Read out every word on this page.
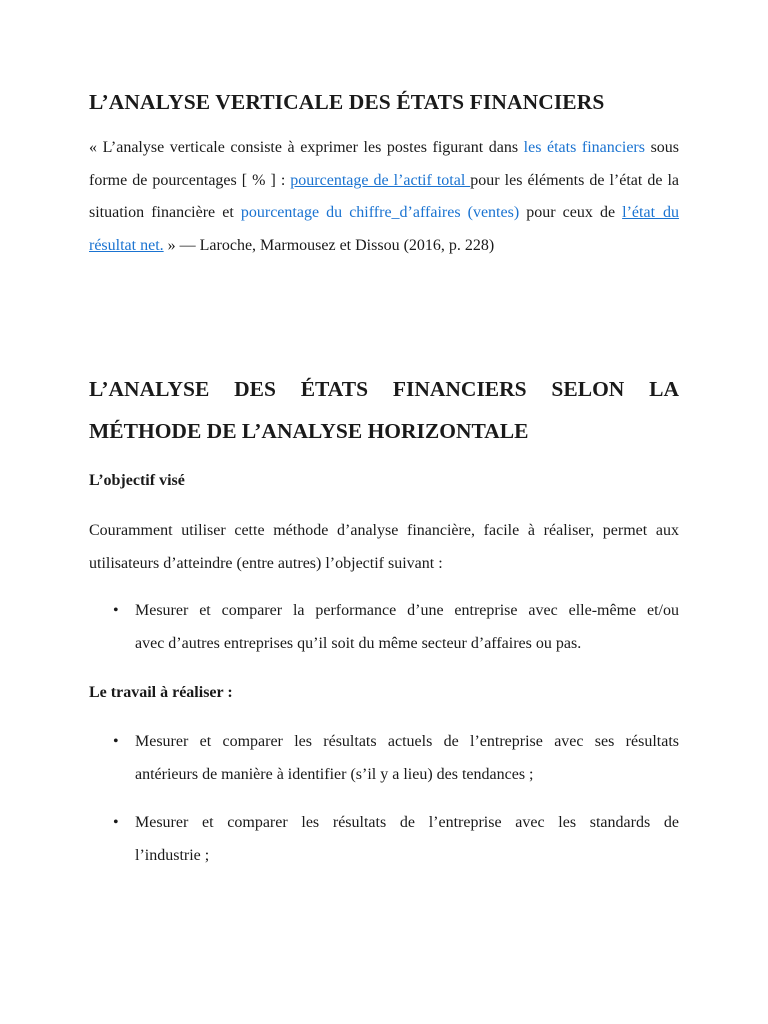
L’ANALYSE VERTICALE DES ÉTATS FINANCIERS

« L’analyse verticale consiste à exprimer les postes figurant dans les états financiers sous forme de pourcentages [ % ] : pourcentage de l’actif total pour les éléments de l’état de la situation financière et pourcentage du chiffre_d’affaires (ventes) pour ceux de l’état_du résultat net. » — Laroche, Marmousez et Dissou (2016, p. 228)

L’ANALYSE DES ÉTATS FINANCIERS SELON LA
MÉTHODE DE L’ANALYSE HORIZONTALE
L’objectif visé

Couramment utiliser cette méthode d’analyse financière, facile à réaliser, permet aux
utilisateurs d’atteindre (entre autres) l’objectif suivant :

• Mesurer et comparer la performance d’une entreprise avec elle-même et/ou
avec d’autres entreprises qu’il soit du même secteur d’affaires ou pas.
Le travail à réaliser :
• Mesurer et comparer les résultats actuels de l’entreprise avec ses résultats
antérieurs de manière à identifier (s’il y a lieu) des tendances ;
• Mesurer et comparer les résultats de l’entreprise avec les standards de
l’industrie ;
